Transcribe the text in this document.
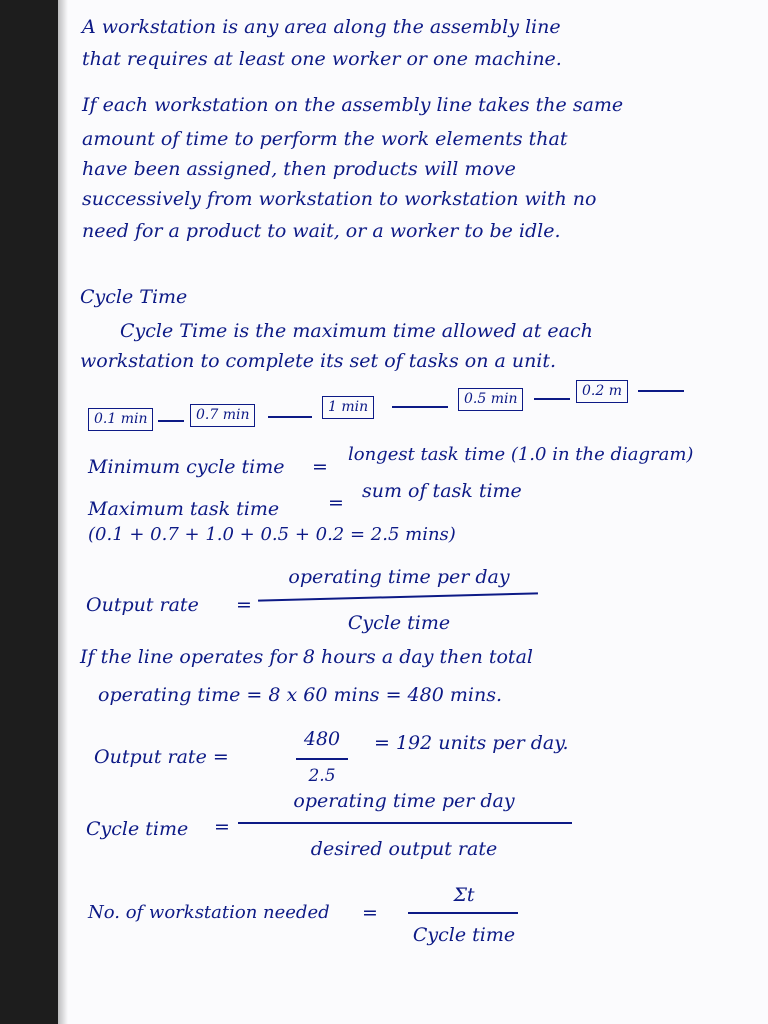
A workstation is any area along the assembly line
that requires at least one worker or one machine.
If each workstation on the assembly line takes the same
amount of time to perform the work elements that
have been assigned, then products will move
successively from workstation to workstation with no
need for a product to wait, or a worker to be idle.
Cycle Time
Cycle Time is the maximum time allowed at each
workstation to complete its set of tasks on a unit.
0.1 min	0.7 min	1 min	0.5 min	0.2 m
Minimum cycle time =
longest task time (1.0 in the diagram)
Maximum task time	=
sum of task time
(0.1 + 0.7 + 1.0 + 0.5 + 0.2 = 2.5 mins)
Output rate =
operating time per day
Cycle time
If the line operates for 8 hours a day then total
operating time = 8 x 60 mins = 480 mins.
Output rate =
480
2.5
= 192 units per day.
Cycle time =
operating time per day
desired output rate
No. of workstation needed =
Σt
Cycle time
